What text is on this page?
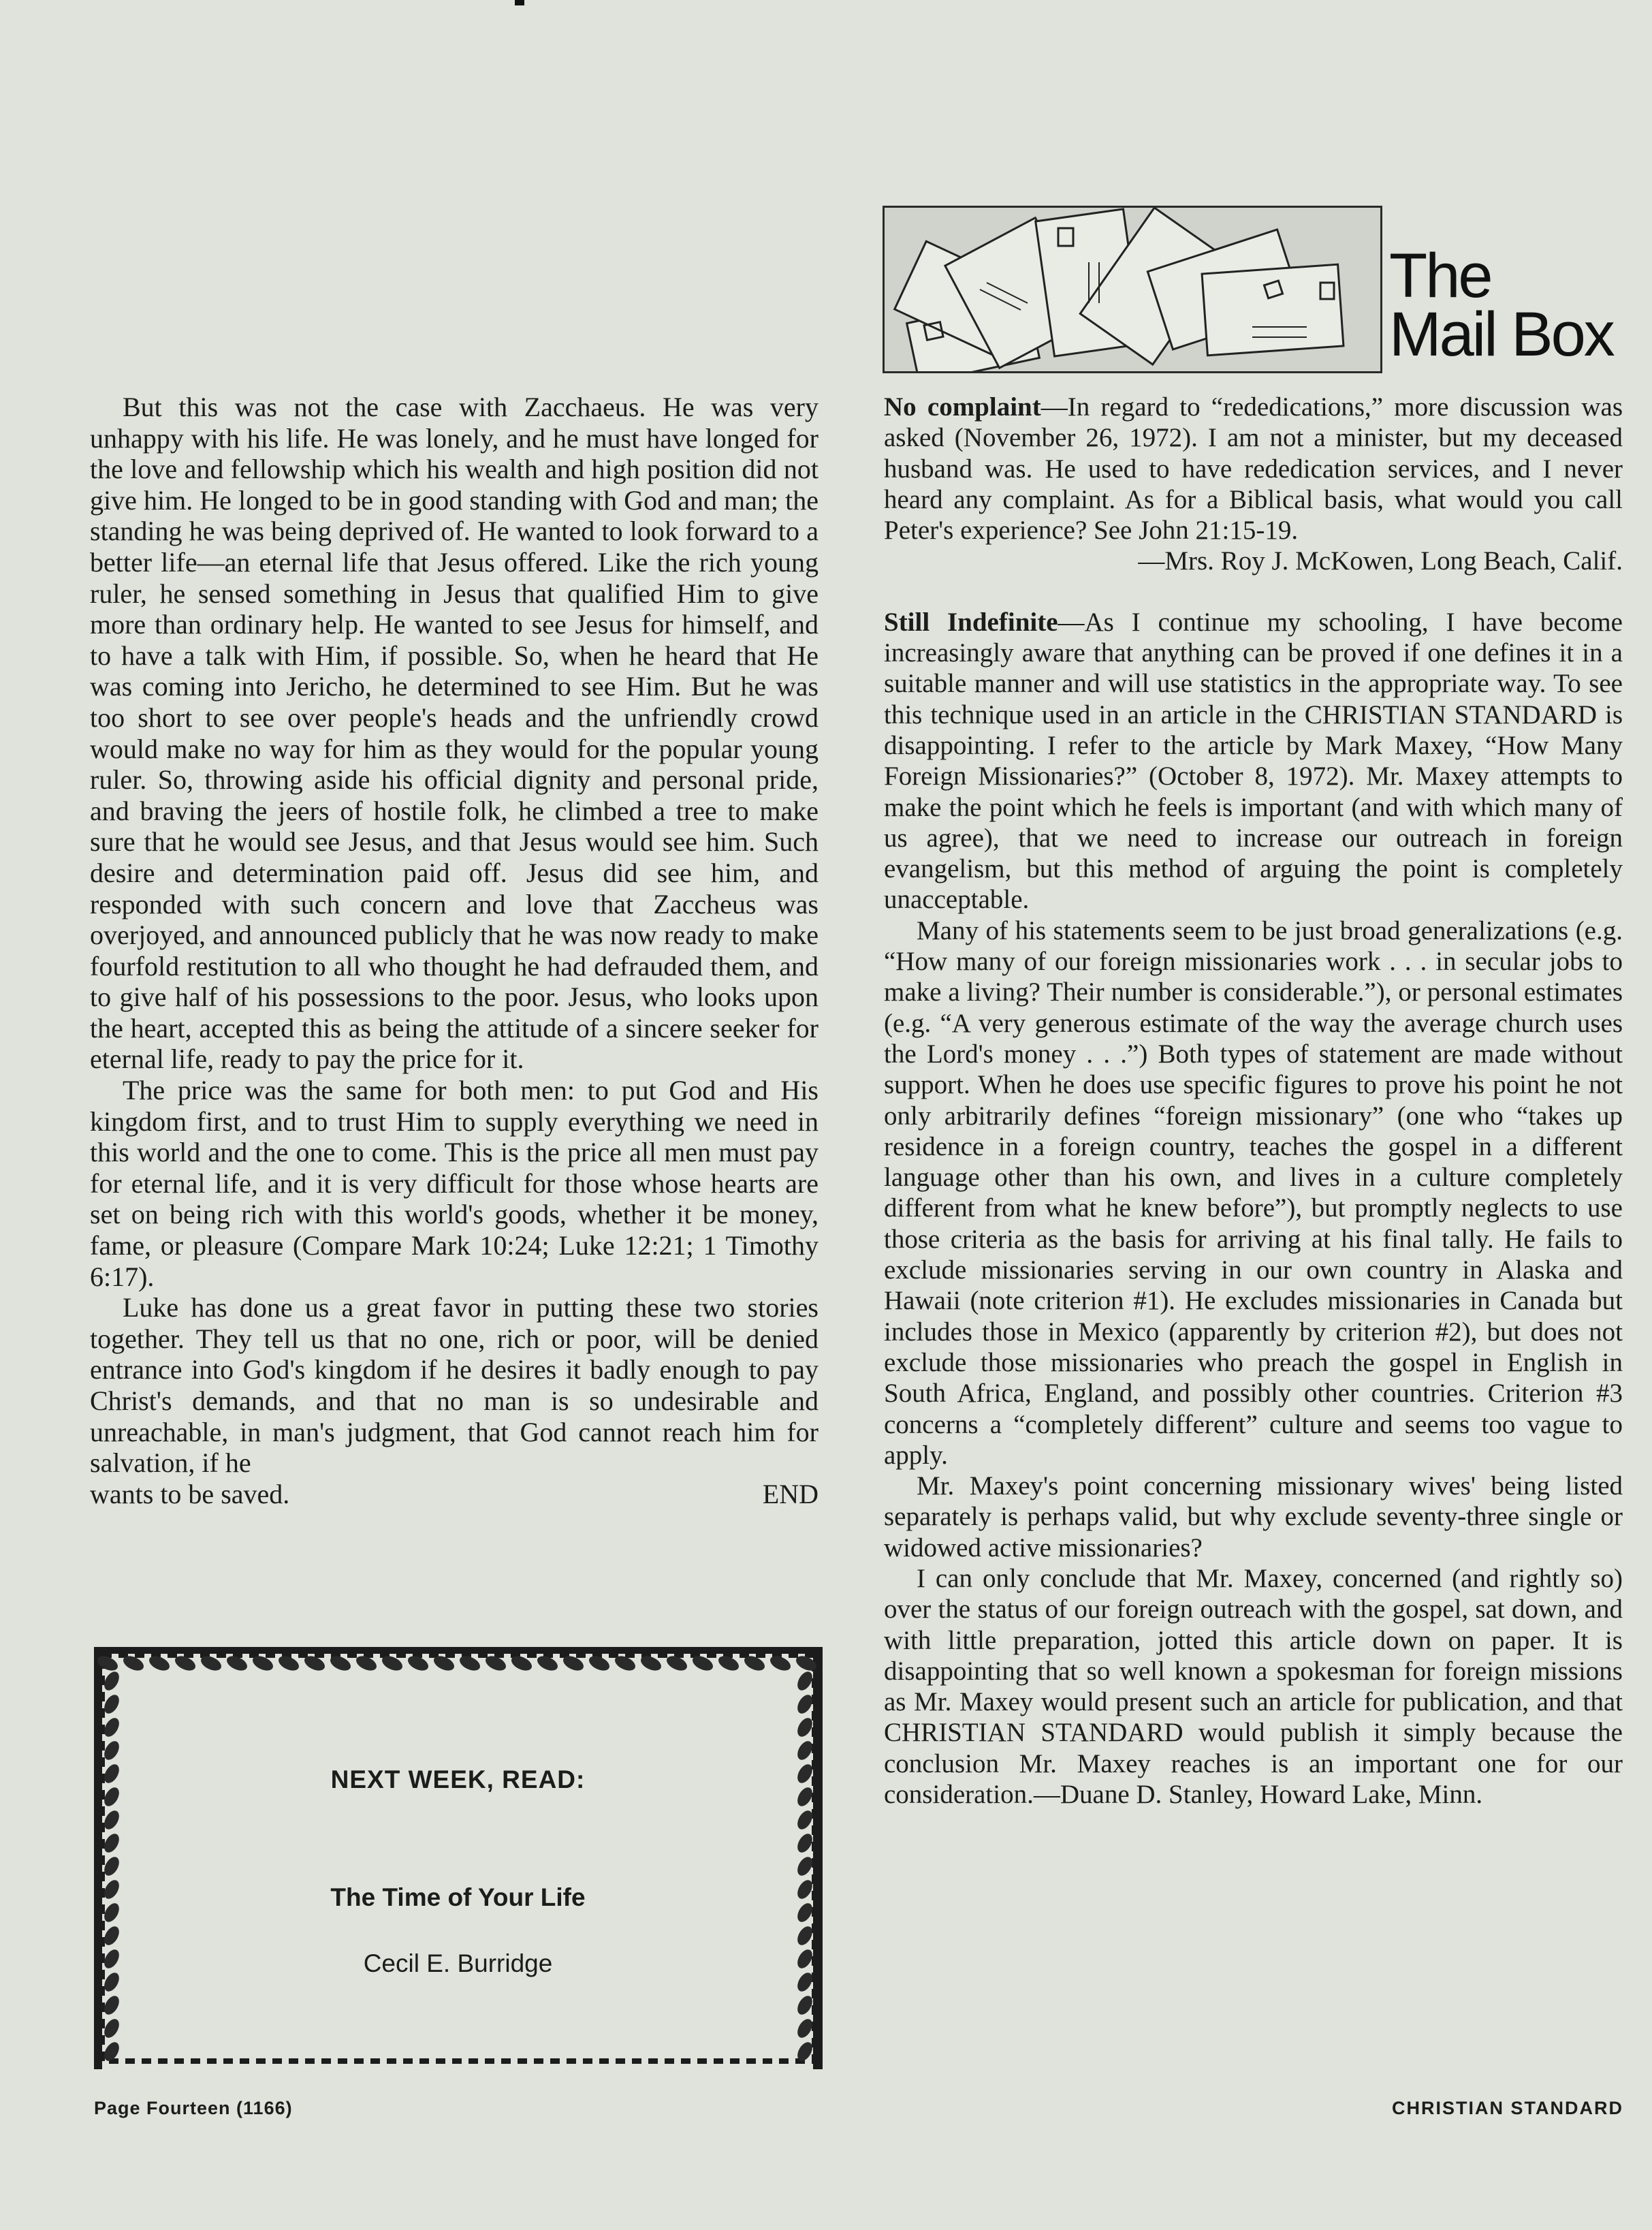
But this was not the case with Zacchaeus. He was very unhappy with his life. He was lonely, and he must have longed for the love and fellowship which his wealth and high position did not give him. He longed to be in good standing with God and man; the standing he was being deprived of. He wanted to look forward to a better life—an eternal life that Jesus offered. Like the rich young ruler, he sensed something in Jesus that qualified Him to give more than ordinary help. He wanted to see Jesus for himself, and to have a talk with Him, if possible. So, when he heard that He was coming into Jericho, he determined to see Him. But he was too short to see over people's heads and the unfriendly crowd would make no way for him as they would for the popular young ruler. So, throwing aside his official dignity and personal pride, and braving the jeers of hostile folk, he climbed a tree to make sure that he would see Jesus, and that Jesus would see him. Such desire and determination paid off. Jesus did see him, and responded with such concern and love that Zaccheus was overjoyed, and announced publicly that he was now ready to make fourfold restitution to all who thought he had defrauded them, and to give half of his possessions to the poor. Jesus, who looks upon the heart, accepted this as being the attitude of a sincere seeker for eternal life, ready to pay the price for it.

The price was the same for both men: to put God and His kingdom first, and to trust Him to supply everything we need in this world and the one to come. This is the price all men must pay for eternal life, and it is very difficult for those whose hearts are set on being rich with this world's goods, whether it be money, fame, or pleasure (Compare Mark 10:24; Luke 12:21; 1 Timothy 6:17).

Luke has done us a great favor in putting these two stories together. They tell us that no one, rich or poor, will be denied entrance into God's kingdom if he desires it badly enough to pay Christ's demands, and that no man is so undesirable and unreachable, in man's judgment, that God cannot reach him for salvation, if he

wants to be saved.	END
NEXT WEEK, READ:
The Time of Your Life
Cecil E. Burridge
The
Mail Box

No complaint—In regard to “rededications,” more discussion was asked (November 26, 1972). I am not a minister, but my deceased husband was. He used to have rededication services, and I never heard any complaint. As for a Biblical basis, what would you call Peter's experience? See John 21:15-19.

—Mrs. Roy J. McKowen, Long Beach, Calif.

Still Indefinite—As I continue my schooling, I have become increasingly aware that anything can be proved if one defines it in a suitable manner and will use statistics in the appropriate way. To see this technique used in an article in the CHRISTIAN STANDARD is disappointing. I refer to the article by Mark Maxey, “How Many Foreign Missionaries?” (October 8, 1972). Mr. Maxey attempts to make the point which he feels is important (and with which many of us agree), that we need to increase our outreach in foreign evangelism, but this method of arguing the point is completely unacceptable.

Many of his statements seem to be just broad generalizations (e.g. “How many of our foreign missionaries work . . . in secular jobs to make a living? Their number is considerable.”), or personal estimates (e.g. “A very generous estimate of the way the average church uses the Lord's money . . .”) Both types of statement are made without support. When he does use specific figures to prove his point he not only arbitrarily defines “foreign missionary” (one who “takes up residence in a foreign country, teaches the gospel in a different language other than his own, and lives in a culture completely different from what he knew before”), but promptly neglects to use those criteria as the basis for arriving at his final tally. He fails to exclude missionaries serving in our own country in Alaska and Hawaii (note criterion #1). He excludes missionaries in Canada but includes those in Mexico (apparently by criterion #2), but does not exclude those missionaries who preach the gospel in English in South Africa, England, and possibly other countries. Criterion #3 concerns a “completely different” culture and seems too vague to apply.

Mr. Maxey's point concerning missionary wives' being listed separately is perhaps valid, but why exclude seventy-three single or widowed active missionaries?

I can only conclude that Mr. Maxey, concerned (and rightly so) over the status of our foreign outreach with the gospel, sat down, and with little preparation, jotted this article down on paper. It is disappointing that so well known a spokesman for foreign missions as Mr. Maxey would present such an article for publication, and that CHRISTIAN STANDARD would publish it simply because the conclusion Mr. Maxey reaches is an important one for our consideration.—Duane D. Stanley, Howard Lake, Minn.

Page Fourteen (1166)	CHRISTIAN STANDARD
